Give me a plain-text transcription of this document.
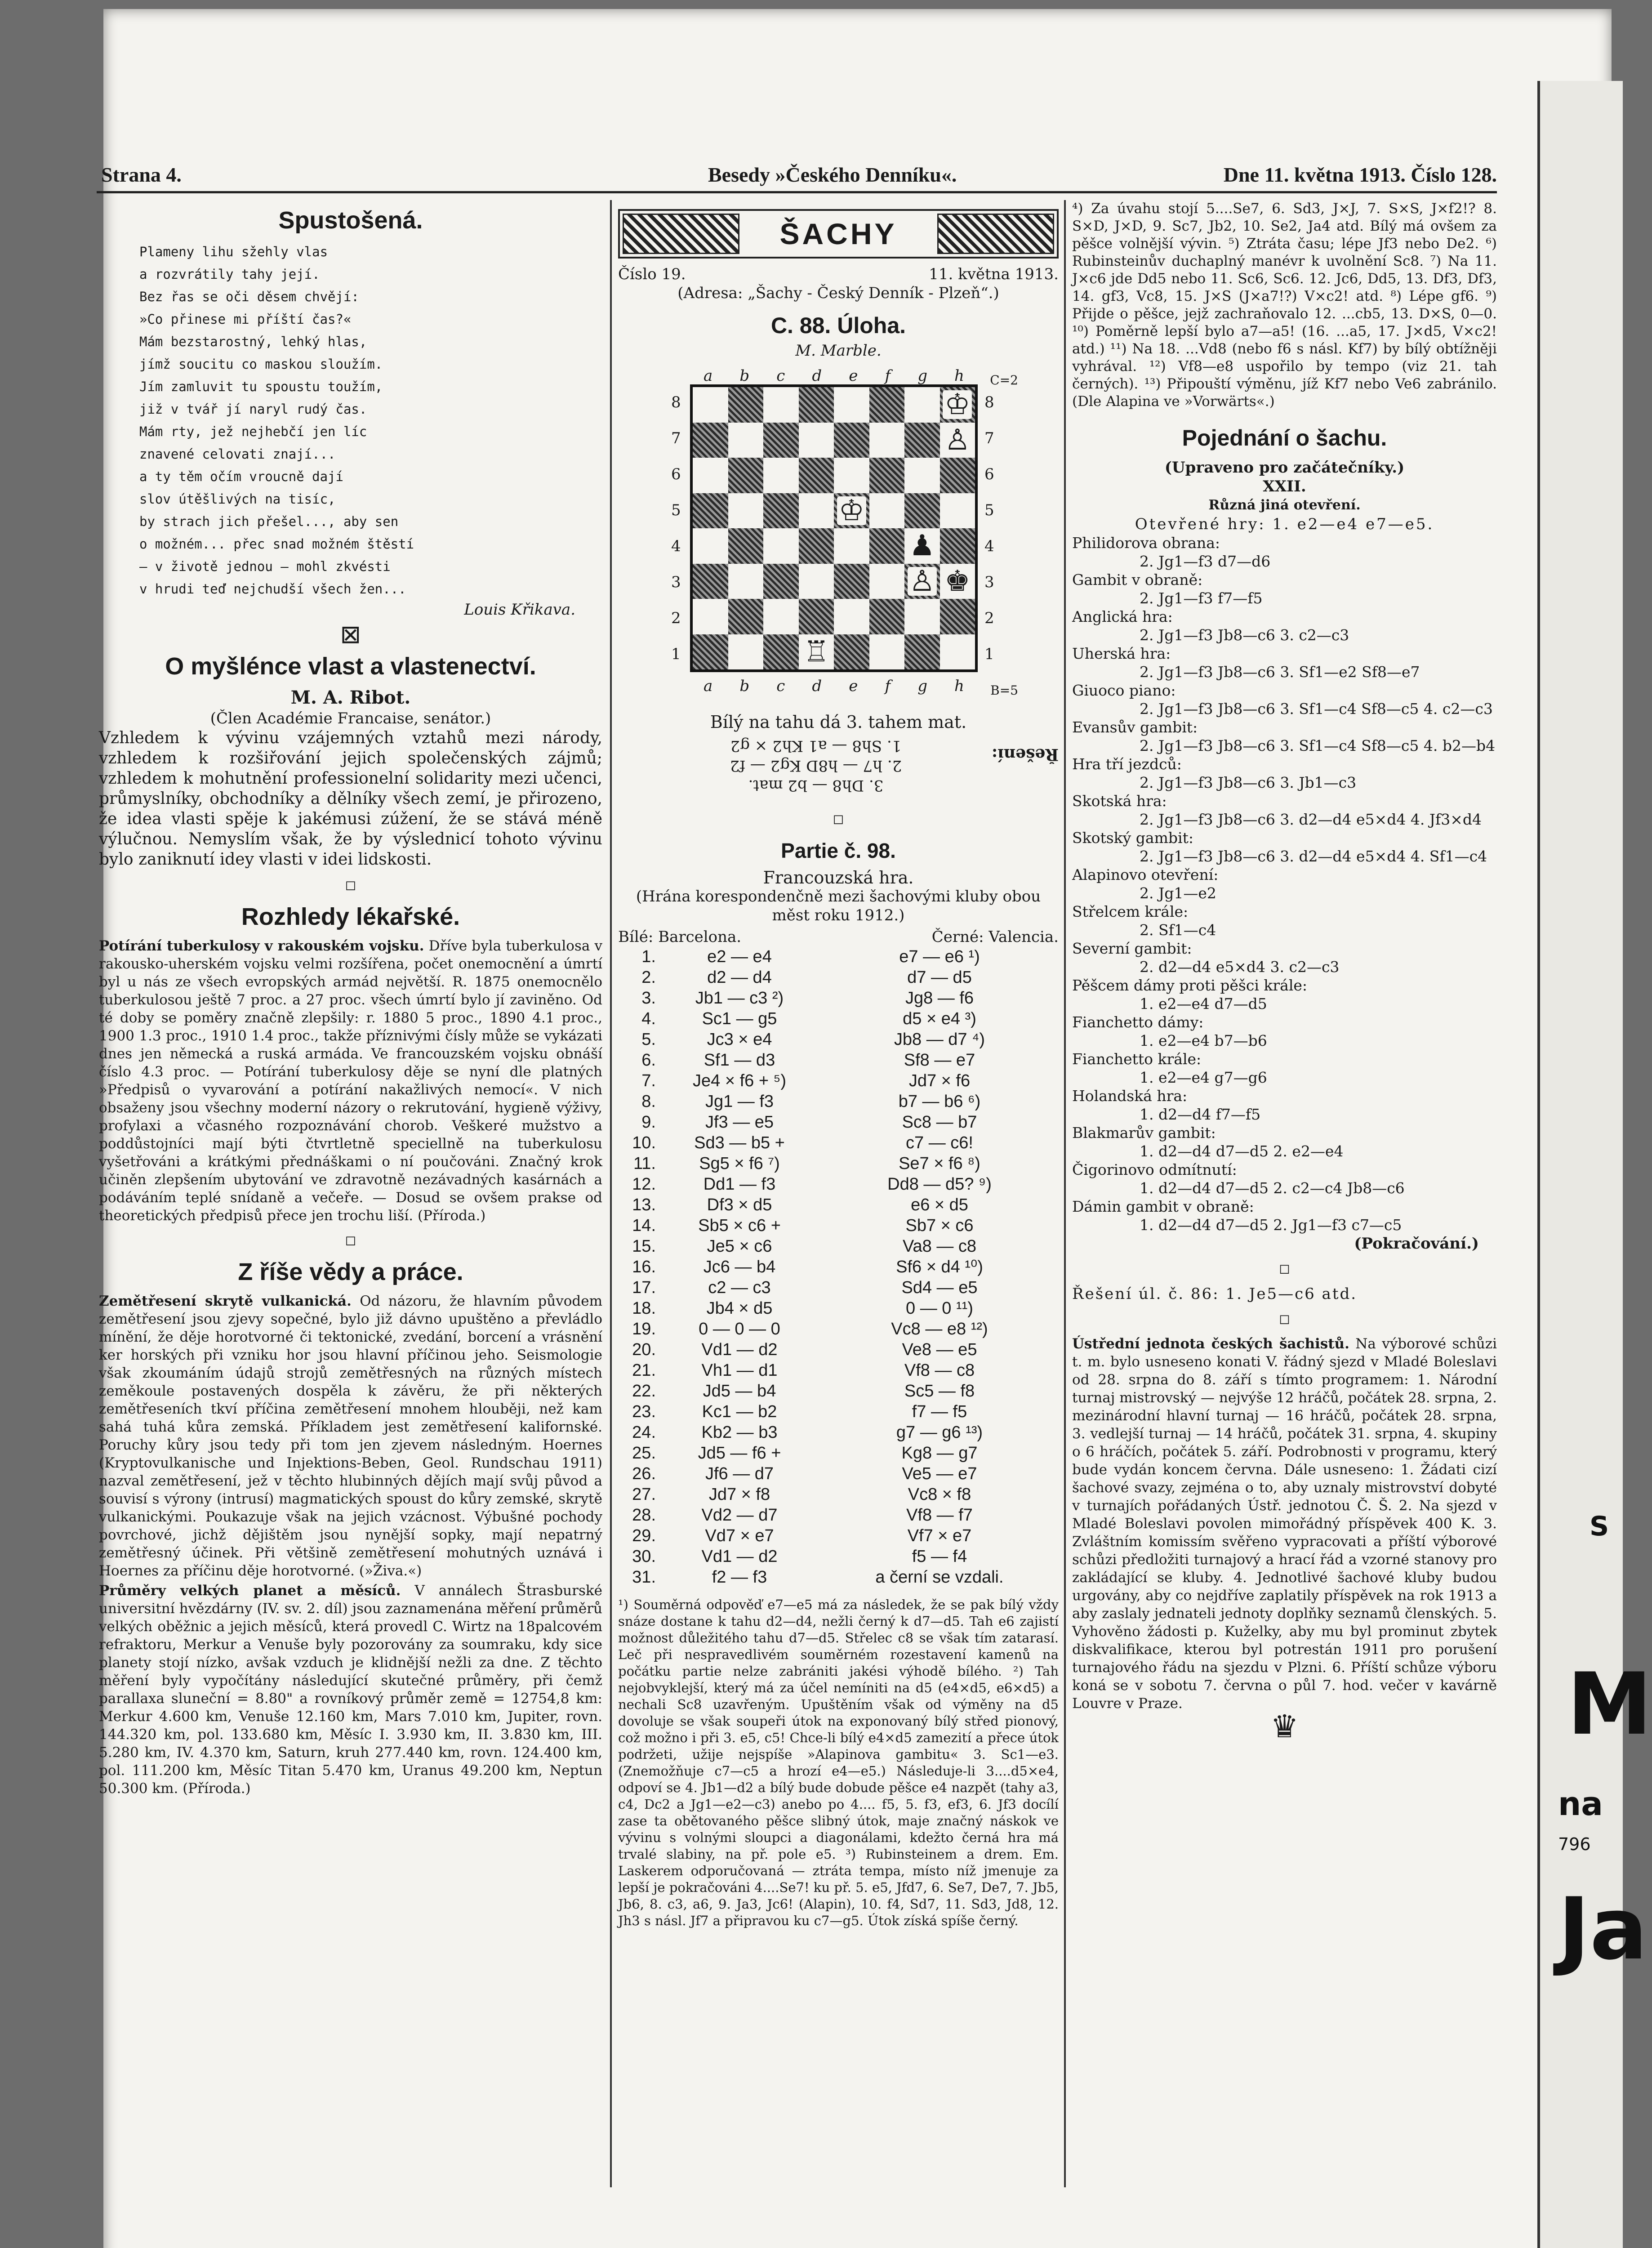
S
M
na
796
Ja
Strana 4.	Besedy »Českého Denníku«.	Dne 11. května 1913. Číslo 128.
Spustošená.
Plameny lihu sžehly vlas
a rozvrátily tahy její.
Bez řas se oči děsem chvějí:
»Co přinese mi příští čas?«
Mám bezstarostný, lehký hlas,
jímž soucitu co maskou sloužím.
Jím zamluvit tu spoustu toužím,
již v tvář jí naryl rudý čas.
Mám rty, jež nejhebčí jen líc
znavené celovati znají...
a ty těm očím vroucně dají
slov útěšlivých na tisíc,
by strach jich přešel..., aby sen
o možném... přec snad možném štěstí
— v životě jednou — mohl zkvésti
v hrudi teď nejchudší všech žen...
Louis Křikava.
⊠
O myšlénce vlast a vlastenectví.
M. A. Ribot.
(Člen Académie Francaise, senátor.)

Vzhledem k vývinu vzájemných vztahů mezi národy, vzhledem k rozšiřování jejich společenských zájmů; vzhledem k mohutnění professionelní solidarity mezi učenci, průmyslníky, obchodníky a dělníky všech zemí, je přirozeno, že idea vlasti spěje k jakémusi zúžení, že se stává méně výlučnou. Nemyslím však, že by výslednicí tohoto vývinu bylo zaniknutí idey vlasti v idei lidskosti.

◻
Rozhledy lékařské.

Potírání tuberkulosy v rakouském vojsku. Dříve byla tuberkulosa v rakousko-uherském vojsku velmi rozšířena, počet onemocnění a úmrtí byl u nás ze všech evropských armád největší. R. 1875 onemocnělo tuberkulosou ještě 7 proc. a 27 proc. všech úmrtí bylo jí zaviněno. Od té doby se poměry značně zlepšily: r. 1880 5 proc., 1890 4.1 proc., 1900 1.3 proc., 1910 1.4 proc., takže příznivými čísly může se vykázati dnes jen německá a ruská armáda. Ve francouzském vojsku obnáší číslo 4.3 proc. — Potírání tuberkulosy děje se nyní dle platných »Předpisů o vyvarování a potírání nakažlivých nemocí«. V nich obsaženy jsou všechny moderní názory o rekrutování, hygieně výživy, profylaxi a včasného rozpoznávání chorob. Veškeré mužstvo a poddůstojníci mají býti čtvrtletně speciellně na tuberkulosu vyšetřováni a krátkými přednáškami o ní poučováni. Značný krok učiněn zlepšením ubytování ve zdravotně nezávadných kasárnách a podáváním teplé snídaně a večeře. — Dosud se ovšem prakse od theoretických předpisů přece jen trochu liší. (Příroda.)

◻
Z říše vědy a práce.

Zemětřesení skrytě vulkanická. Od názoru, že hlavním původem zemětřesení jsou zjevy sopečné, bylo již dávno upuštěno a převládlo mínění, že děje horotvorné či tektonické, zvedání, borcení a vrásnění ker horských při vzniku hor jsou hlavní příčinou jeho. Seismologie však zkoumáním údajů strojů zemětřesných na různých místech zeměkoule postavených dospěla k závěru, že při některých zemětřeseních tkví příčina zemětřesení mnohem hlouběji, než kam sahá tuhá kůra zemská. Příkladem jest zemětřesení kalifornské. Poruchy kůry jsou tedy při tom jen zjevem následným. Hoernes (Kryptovulkanische und Injektions-Beben, Geol. Rundschau 1911) nazval zemětřesení, jež v těchto hlubinných dějích mají svůj původ a souvisí s výrony (intrusí) magmatických spoust do kůry zemské, skrytě vulkanickými. Poukazuje však na jejich vzácnost. Výbušné pochody povrchové, jichž dějištěm jsou nynější sopky, mají nepatrný zemětřesný účinek. Při většině zemětřesení mohutných uznává i Hoernes za příčinu děje horotvorné. (»Živa.«)

Průměry velkých planet a měsíců. V annálech Štrasburské universitní hvězdárny (IV. sv. 2. díl) jsou zaznamenána měření průměrů velkých oběžnic a jejich měsíců, která provedl C. Wirtz na 18palcovém refraktoru, Merkur a Venuše byly pozorovány za soumraku, kdy sice planety stojí nízko, avšak vzduch je klidnější nežli za dne. Z těchto měření byly vypočítány následující skutečné průměry, při čemž parallaxa sluneční = 8.80" a rovníkový průměr země = 12754,8 km: Merkur 4.600 km, Venuše 12.160 km, Mars 7.010 km, Jupiter, rovn. 144.320 km, pol. 133.680 km, Měsíc I. 3.930 km, II. 3.830 km, III. 5.280 km, IV. 4.370 km, Saturn, kruh 277.440 km, rovn. 124.400 km, pol. 111.200 km, Měsíc Titan 5.470 km, Uranus 49.200 km, Neptun 50.300 km. (Příroda.)

ŠACHY
Číslo 19.	11. května 1913.
(Adresa: „Šachy - Český Denník - Plzeň“.)
C. 88. Úloha.
M. Marble.
a b c d e f g h
a b c d e f g h
8
7
6
5
4
3
2
1
8
7
6
5
4
3
2
1
♔
♙
♔
♟
♙ ♚
♖
C=2
B=5
Bílý na tahu dá 3. tahem mat.
Řešení:
3. Dh8 — b2 mat.
2. h7 — h8D Kg2 — f2
1. Sh8 — a1 Kh2 × g2
◻
Partie č. 98.
Francouzská hra.
(Hrána korespondenčně mezi šachovými kluby obou měst roku 1912.)
Bílé: Barcelona.	Černé: Valencia.
1.	e2 — e4	e7 — e6 ¹)
2.	d2 — d4	d7 — d5
3.	Jb1 — c3 ²)	Jg8 — f6
4.	Sc1 — g5	d5 × e4 ³)
5.	Jc3 × e4	Jb8 — d7 ⁴)
6.	Sf1 — d3	Sf8 — e7
7.	Je4 × f6 + ⁵)	Jd7 × f6
8.	Jg1 — f3	b7 — b6 ⁶)
9.	Jf3 — e5	Sc8 — b7
10.	Sd3 — b5 +	c7 — c6!
11.	Sg5 × f6 ⁷)	Se7 × f6 ⁸)
12.	Dd1 — f3	Dd8 — d5? ⁹)
13.	Df3 × d5	e6 × d5
14.	Sb5 × c6 +	Sb7 × c6
15.	Je5 × c6	Va8 — c8
16.	Jc6 — b4	Sf6 × d4 ¹⁰)
17.	c2 — c3	Sd4 — e5
18.	Jb4 × d5	0 — 0 ¹¹)
19.	0 — 0 — 0	Vc8 — e8 ¹²)
20.	Vd1 — d2	Ve8 — e5
21.	Vh1 — d1	Vf8 — c8
22.	Jd5 — b4	Sc5 — f8
23.	Kc1 — b2	f7 — f5
24.	Kb2 — b3	g7 — g6 ¹³)
25.	Jd5 — f6 +	Kg8 — g7
26.	Jf6 — d7	Ve5 — e7
27.	Jd7 × f8	Vc8 × f8
28.	Vd2 — d7	Vf8 — f7
29.	Vd7 × e7	Vf7 × e7
30.	Vd1 — d2	f5 — f4
31.	f2 — f3	a černí se vzdali.

¹) Souměrná odpověď e7—e5 má za následek, že se pak bílý vždy snáze dostane k tahu d2—d4, nežli černý k d7—d5. Tah e6 zajistí možnost důležitého tahu d7—d5. Střelec c8 se však tím zatarasí. Leč při nespravedlivém souměrném rozestavení kamenů na počátku partie nelze zabrániti jakési výhodě bílého. ²) Tah nejobvyklejší, který má za účel nemíniti na d5 (e4×d5, e6×d5) a nechali Sc8 uzavřeným. Upuštěním však od výměny na d5 dovoluje se však soupeři útok na exponovaný bílý střed pionový, což možno i při 3. e5, c5! Chce-li bílý e4×d5 zamezití a přece útok podržeti, užije nejspíše »Alapinova gambitu« 3. Sc1—e3. (Znemožňuje c7—c5 a hrozí e4—e5.) Následuje-li 3....d5×e4, odpoví se 4. Jb1—d2 a bílý bude dobude pěšce e4 nazpět (tahy a3, c4, Dc2 a Jg1—e2—c3) anebo po 4.... f5, 5. f3, ef3, 6. Jf3 docílí zase ta obětovaného pěšce slibný útok, maje značný náskok ve vývinu s volnými sloupci a diagonálami, kdežto černá hra má trvalé slabiny, na př. pole e5. ³) Rubinsteinem a drem. Em. Laskerem odporučovaná — ztráta tempa, místo níž jmenuje za lepší je pokračováni 4....Se7! ku př. 5. e5, Jfd7, 6. Se7, De7, 7. Jb5, Jb6, 8. c3, a6, 9. Ja3, Jc6! (Alapin), 10. f4, Sd7, 11. Sd3, Jd8, 12. Jh3 s násl. Jf7 a připravou ku c7—g5. Útok získá spíše černý.

⁴) Za úvahu stojí 5....Se7, 6. Sd3, J×J, 7. S×S, J×f2!? 8. S×D, J×D, 9. Sc7, Jb2, 10. Se2, Ja4 atd. Bílý má ovšem za pěšce volnější vývin. ⁵) Ztráta času; lépe Jf3 nebo De2. ⁶) Rubinsteinův duchaplný manévr k uvolnění Sc8. ⁷) Na 11. J×c6 jde Dd5 nebo 11. Sc6, Sc6. 12. Jc6, Dd5, 13. Df3, Df3, 14. gf3, Vc8, 15. J×S (J×a7!?) V×c2! atd. ⁸) Lépe gf6. ⁹) Přijde o pěšce, jejž zachraňovalo 12. ...cb5, 13. D×S, 0—0. ¹⁰) Poměrně lepší bylo a7—a5! (16. ...a5, 17. J×d5, V×c2! atd.) ¹¹) Na 18. ...Vd8 (nebo f6 s násl. Kf7) by bílý obtížněji vyhrával. ¹²) Vf8—e8 uspořilo by tempo (viz 21. tah černých). ¹³) Připouští výměnu, jíž Kf7 nebo Ve6 zabránilo. (Dle Alapina ve »Vorwärts«.)

Pojednání o šachu.
(Upraveno pro začátečníky.)
XXII.
Různá jiná otevření.
Otevřené hry: 1. e2—e4 e7—e5.
Philidorova obrana:
2. Jg1—f3 d7—d6
Gambit v obraně:
2. Jg1—f3 f7—f5
Anglická hra:
2. Jg1—f3 Jb8—c6 3. c2—c3
Uherská hra:
2. Jg1—f3 Jb8—c6 3. Sf1—e2 Sf8—e7
Giuoco piano:
2. Jg1—f3 Jb8—c6 3. Sf1—c4 Sf8—c5 4. c2—c3
Evansův gambit:
2. Jg1—f3 Jb8—c6 3. Sf1—c4 Sf8—c5 4. b2—b4
Hra tří jezdců:
2. Jg1—f3 Jb8—c6 3. Jb1—c3
Skotská hra:
2. Jg1—f3 Jb8—c6 3. d2—d4 e5×d4 4. Jf3×d4
Skotský gambit:
2. Jg1—f3 Jb8—c6 3. d2—d4 e5×d4 4. Sf1—c4
Alapinovo otevření:
2. Jg1—e2
Střelcem krále:
2. Sf1—c4
Severní gambit:
2. d2—d4 e5×d4 3. c2—c3
Pěšcem dámy proti pěšci krále:
1. e2—e4 d7—d5
Fianchetto dámy:
1. e2—e4 b7—b6
Fianchetto krále:
1. e2—e4 g7—g6
Holandská hra:
1. d2—d4 f7—f5
Blakmarův gambit:
1. d2—d4 d7—d5 2. e2—e4
Čigorinovo odmítnutí:
1. d2—d4 d7—d5 2. c2—c4 Jb8—c6
Dámin gambit v obraně:
1. d2—d4 d7—d5 2. Jg1—f3 c7—c5
(Pokračování.)
◻
Řešení úl. č. 86: 1. Je5—c6 atd.
◻

Ústřední jednota českých šachistů. Na výborové schůzi t. m. bylo usneseno konati V. řádný sjezd v Mladé Boleslavi od 28. srpna do 8. září s tímto programem: 1. Národní turnaj mistrovský — nejvýše 12 hráčů, počátek 28. srpna, 2. mezinárodní hlavní turnaj — 16 hráčů, počátek 28. srpna, 3. vedlejší turnaj — 14 hráčů, počátek 31. srpna, 4. skupiny o 6 hráčích, počátek 5. září. Podrobnosti v programu, který bude vydán koncem června. Dále usneseno: 1. Žádati cizí šachové svazy, zejména o to, aby uznaly mistrovství dobyté v turnajích pořádaných Ústř. jednotou Č. Š. 2. Na sjezd v Mladé Boleslavi povolen mimořádný příspěvek 400 K. 3. Zvláštním komissím svěřeno vypracovati a příští výborové schůzi předložiti turnajový a hrací řád a vzorné stanovy pro zakládající se kluby. 4. Jednotlivé šachové kluby budou urgovány, aby co nejdříve zaplatily příspěvek na rok 1913 a aby zaslaly jednateli jednoty doplňky seznamů členských. 5. Vyhověno žádosti p. Kuželky, aby mu byl prominut zbytek diskvalifikace, kterou byl potrestán 1911 pro porušení turnajového řádu na sjezdu v Plzni. 6. Příští schůze výboru koná se v sobotu 7. června o půl 7. hod. večer v kavárně Louvre v Praze.

♛
